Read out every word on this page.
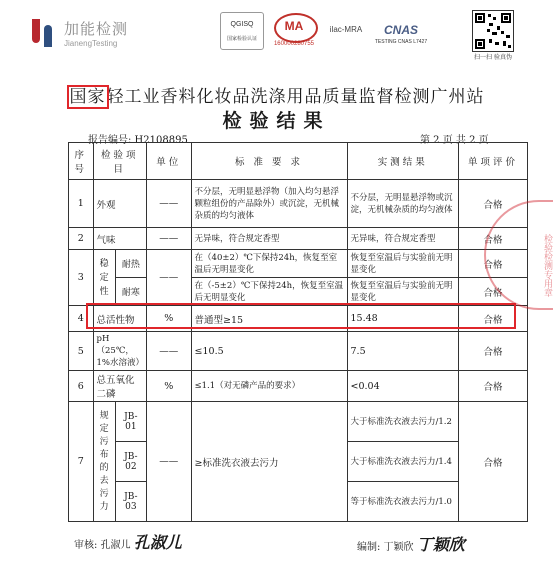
加能检测
JianengTesting
QGISQ
国家检验认证
MA
160000280755
ilac-MRA	CNAS
TESTING CNAS L7427
扫一扫 验真伪
国家轻工业香料化妆品洗涤用品质量监督检测广州站
检验结果
报告编号: H2108895	第 2 页 共 2 页
序号	检验项目		单位	标 准 要 求	实测结果	单项评价
1	外观		——	不分层，无明显悬浮物（加入均匀悬浮颗粒组份的产品除外）或沉淀，无机械杂质的均匀液体	不分层，无明显悬浮物或沉淀，无机械杂质的均匀液体	合格
2	气味		——	无异味，符合规定香型	无异味，符合规定香型	合格
3	稳定性	耐热	——	在（40±2）℃下保持24h，恢复至室温后无明显变化	恢复至室温后与实验前无明显变化	合格
		耐寒		在（-5±2）℃下保持24h，恢复至室温后无明显变化	恢复至室温后与实验前无明显变化	合格
4	总活性物		%	普通型≥15	15.48	合格
5	pH（25℃，1%水溶液）		——	≤10.5	7.5	合格
6	总五氧化二磷		%	≤1.1（对无磷产品的要求）	<0.04	合格
7	规定污布的去污力	JB-01	——	≥标准洗衣液去污力	大于标准洗衣液去污力/1.2	合格
		JB-02			大于标准洗衣液去污力/1.4	
		JB-03			等于标准洗衣液去污力/1.0	
检验检测专用章
审核: 孔淑儿 孔淑儿	编制: 丁颖欣 丁颖欣
